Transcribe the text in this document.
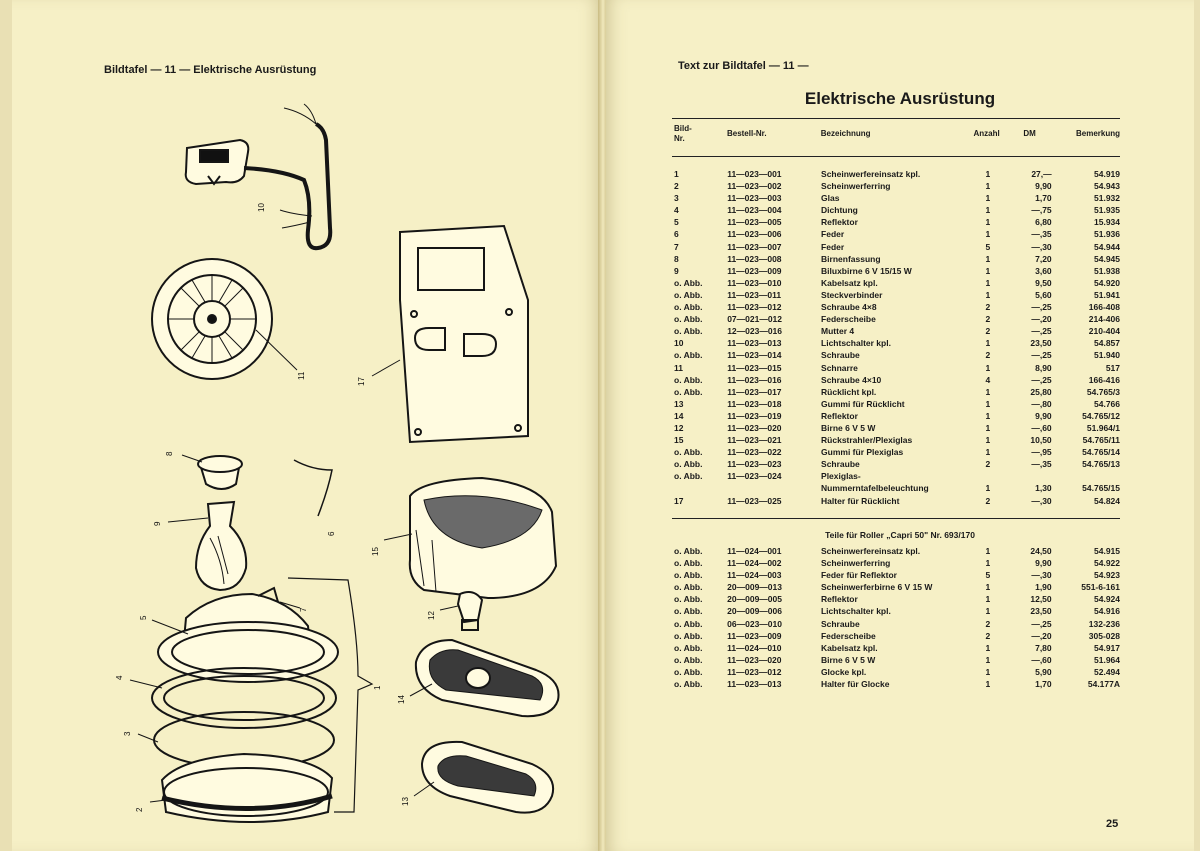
Bildtafel — 11 — Elektrische Ausrüstung
10
11
17
8
6
9
15
5
7
12
4
1
14
3
13
2
Text zur Bildtafel — 11 —
Elektrische Ausrüstung
Bild-
Nr.	Bestell-Nr.	Bezeichnung	Anzahl	DM	Bemerkung
1	11—023—001	Scheinwerfereinsatz kpl.	1	27,—	54.919
2	11—023—002	Scheinwerferring	1	9,90	54.943
3	11—023—003	Glas	1	1,70	51.932
4	11—023—004	Dichtung	1	—,75	51.935
5	11—023—005	Reflektor	1	6,80	15.934
6	11—023—006	Feder	1	—,35	51.936
7	11—023—007	Feder	5	—,30	54.944
8	11—023—008	Birnenfassung	1	7,20	54.945
9	11—023—009	Biluxbirne 6 V 15/15 W	1	3,60	51.938
o. Abb.	11—023—010	Kabelsatz kpl.	1	9,50	54.920
o. Abb.	11—023—011	Steckverbinder	1	5,60	51.941
o. Abb.	11—023—012	Schraube 4×8	2	—,25	166-408
o. Abb.	07—021—012	Federscheibe	2	—,20	214-406
o. Abb.	12—023—016	Mutter 4	2	—,25	210-404
10	11—023—013	Lichtschalter kpl.	1	23,50	54.857
o. Abb.	11—023—014	Schraube	2	—,25	51.940
11	11—023—015	Schnarre	1	8,90	517
o. Abb.	11—023—016	Schraube 4×10	4	—,25	166-416
o. Abb.	11—023—017	Rücklicht kpl.	1	25,80	54.765/3
13	11—023—018	Gummi für Rücklicht	1	—,80	54.766
14	11—023—019	Reflektor	1	9,90	54.765/12
12	11—023—020	Birne 6 V 5 W	1	—,60	51.964/1
15	11—023—021	Rückstrahler/Plexiglas	1	10,50	54.765/11
o. Abb.	11—023—022	Gummi für Plexiglas	1	—,95	54.765/14
o. Abb.	11—023—023	Schraube	2	—,35	54.765/13
o. Abb.	11—023—024	Plexiglas-			
		Nummerntafelbeleuchtung	1	1,30	54.765/15
17	11—023—025	Halter für Rücklicht	2	—,30	54.824
Teile für Roller „Capri 50" Nr. 693/170
o. Abb.	11—024—001	Scheinwerfereinsatz kpl.	1	24,50	54.915
o. Abb.	11—024—002	Scheinwerferring	1	9,90	54.922
o. Abb.	11—024—003	Feder für Reflektor	5	—,30	54.923
o. Abb.	20—009—013	Scheinwerferbirne 6 V 15 W	1	1,90	551-6-161
o. Abb.	20—009—005	Reflektor	1	12,50	54.924
o. Abb.	20—009—006	Lichtschalter kpl.	1	23,50	54.916
o. Abb.	06—023—010	Schraube	2	—,25	132-236
o. Abb.	11—023—009	Federscheibe	2	—,20	305-028
o. Abb.	11—024—010	Kabelsatz kpl.	1	7,80	54.917
o. Abb.	11—023—020	Birne 6 V 5 W	1	—,60	51.964
o. Abb.	11—023—012	Glocke kpl.	1	5,90	52.494
o. Abb.	11—023—013	Halter für Glocke	1	1,70	54.177A
25
